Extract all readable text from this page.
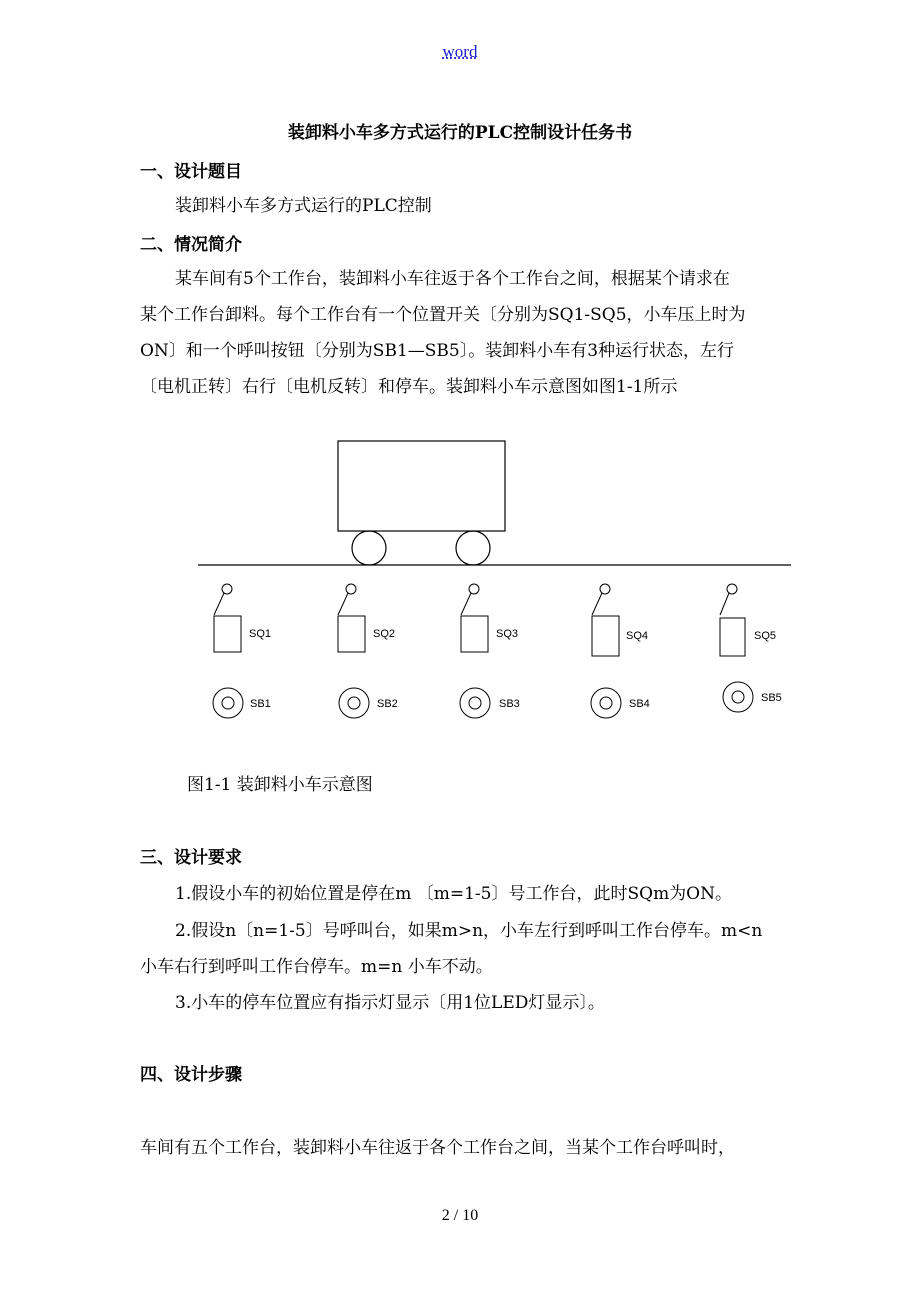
word
装卸料小车多方式运行的PLC控制设计任务书
一、设计题目
装卸料小车多方式运行的PLC控制
二、情况简介
某车间有5个工作台，装卸料小车往返于各个工作台之间，根据某个请求在
某个工作台卸料。每个工作台有一个位置开关〔分别为SQ1-SQ5，小车压上时为
ON〕和一个呼叫按钮〔分别为SB1—SB5〕。装卸料小车有3种运行状态，左行
〔电机正转〕右行〔电机反转〕和停车。装卸料小车示意图如图1-1所示
SQ1	SQ2	SQ3	SQ4	SQ5
SB1	SB2	SB3	SB4	SB5
图1-1 装卸料小车示意图
三、设计要求
1.假设小车的初始位置是停在m 〔m=1-5〕号工作台，此时SQm为ON。
2.假设n〔n=1-5〕号呼叫台，如果m>n，小车左行到呼叫工作台停车。m<n
小车右行到呼叫工作台停车。m=n 小车不动。
3.小车的停车位置应有指示灯显示〔用1位LED灯显示〕。
四、设计步骤
车间有五个工作台，装卸料小车往返于各个工作台之间，当某个工作台呼叫时，
2 / 10
